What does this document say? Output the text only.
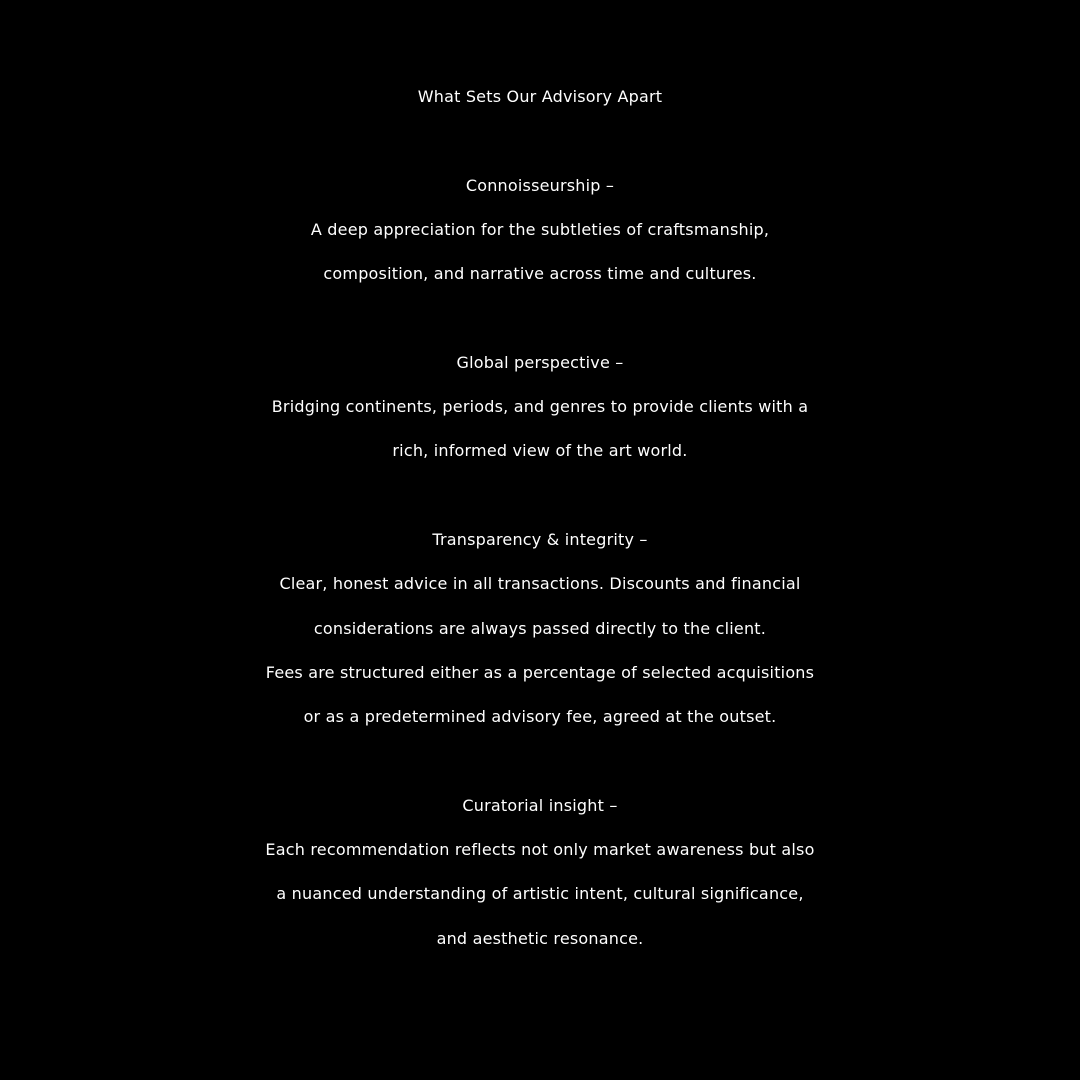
What Sets Our Advisory Apart
Connoisseurship –
A deep appreciation for the subtleties of craftsmanship,
composition, and narrative across time and cultures.
Global perspective –
Bridging continents, periods, and genres to provide clients with a
rich, informed view of the art world.
Transparency & integrity –
Clear, honest advice in all transactions. Discounts and financial
considerations are always passed directly to the client.
Fees are structured either as a percentage of selected acquisitions
or as a predetermined advisory fee, agreed at the outset.
Curatorial insight –
Each recommendation reflects not only market awareness but also
a nuanced understanding of artistic intent, cultural significance,
and aesthetic resonance.
